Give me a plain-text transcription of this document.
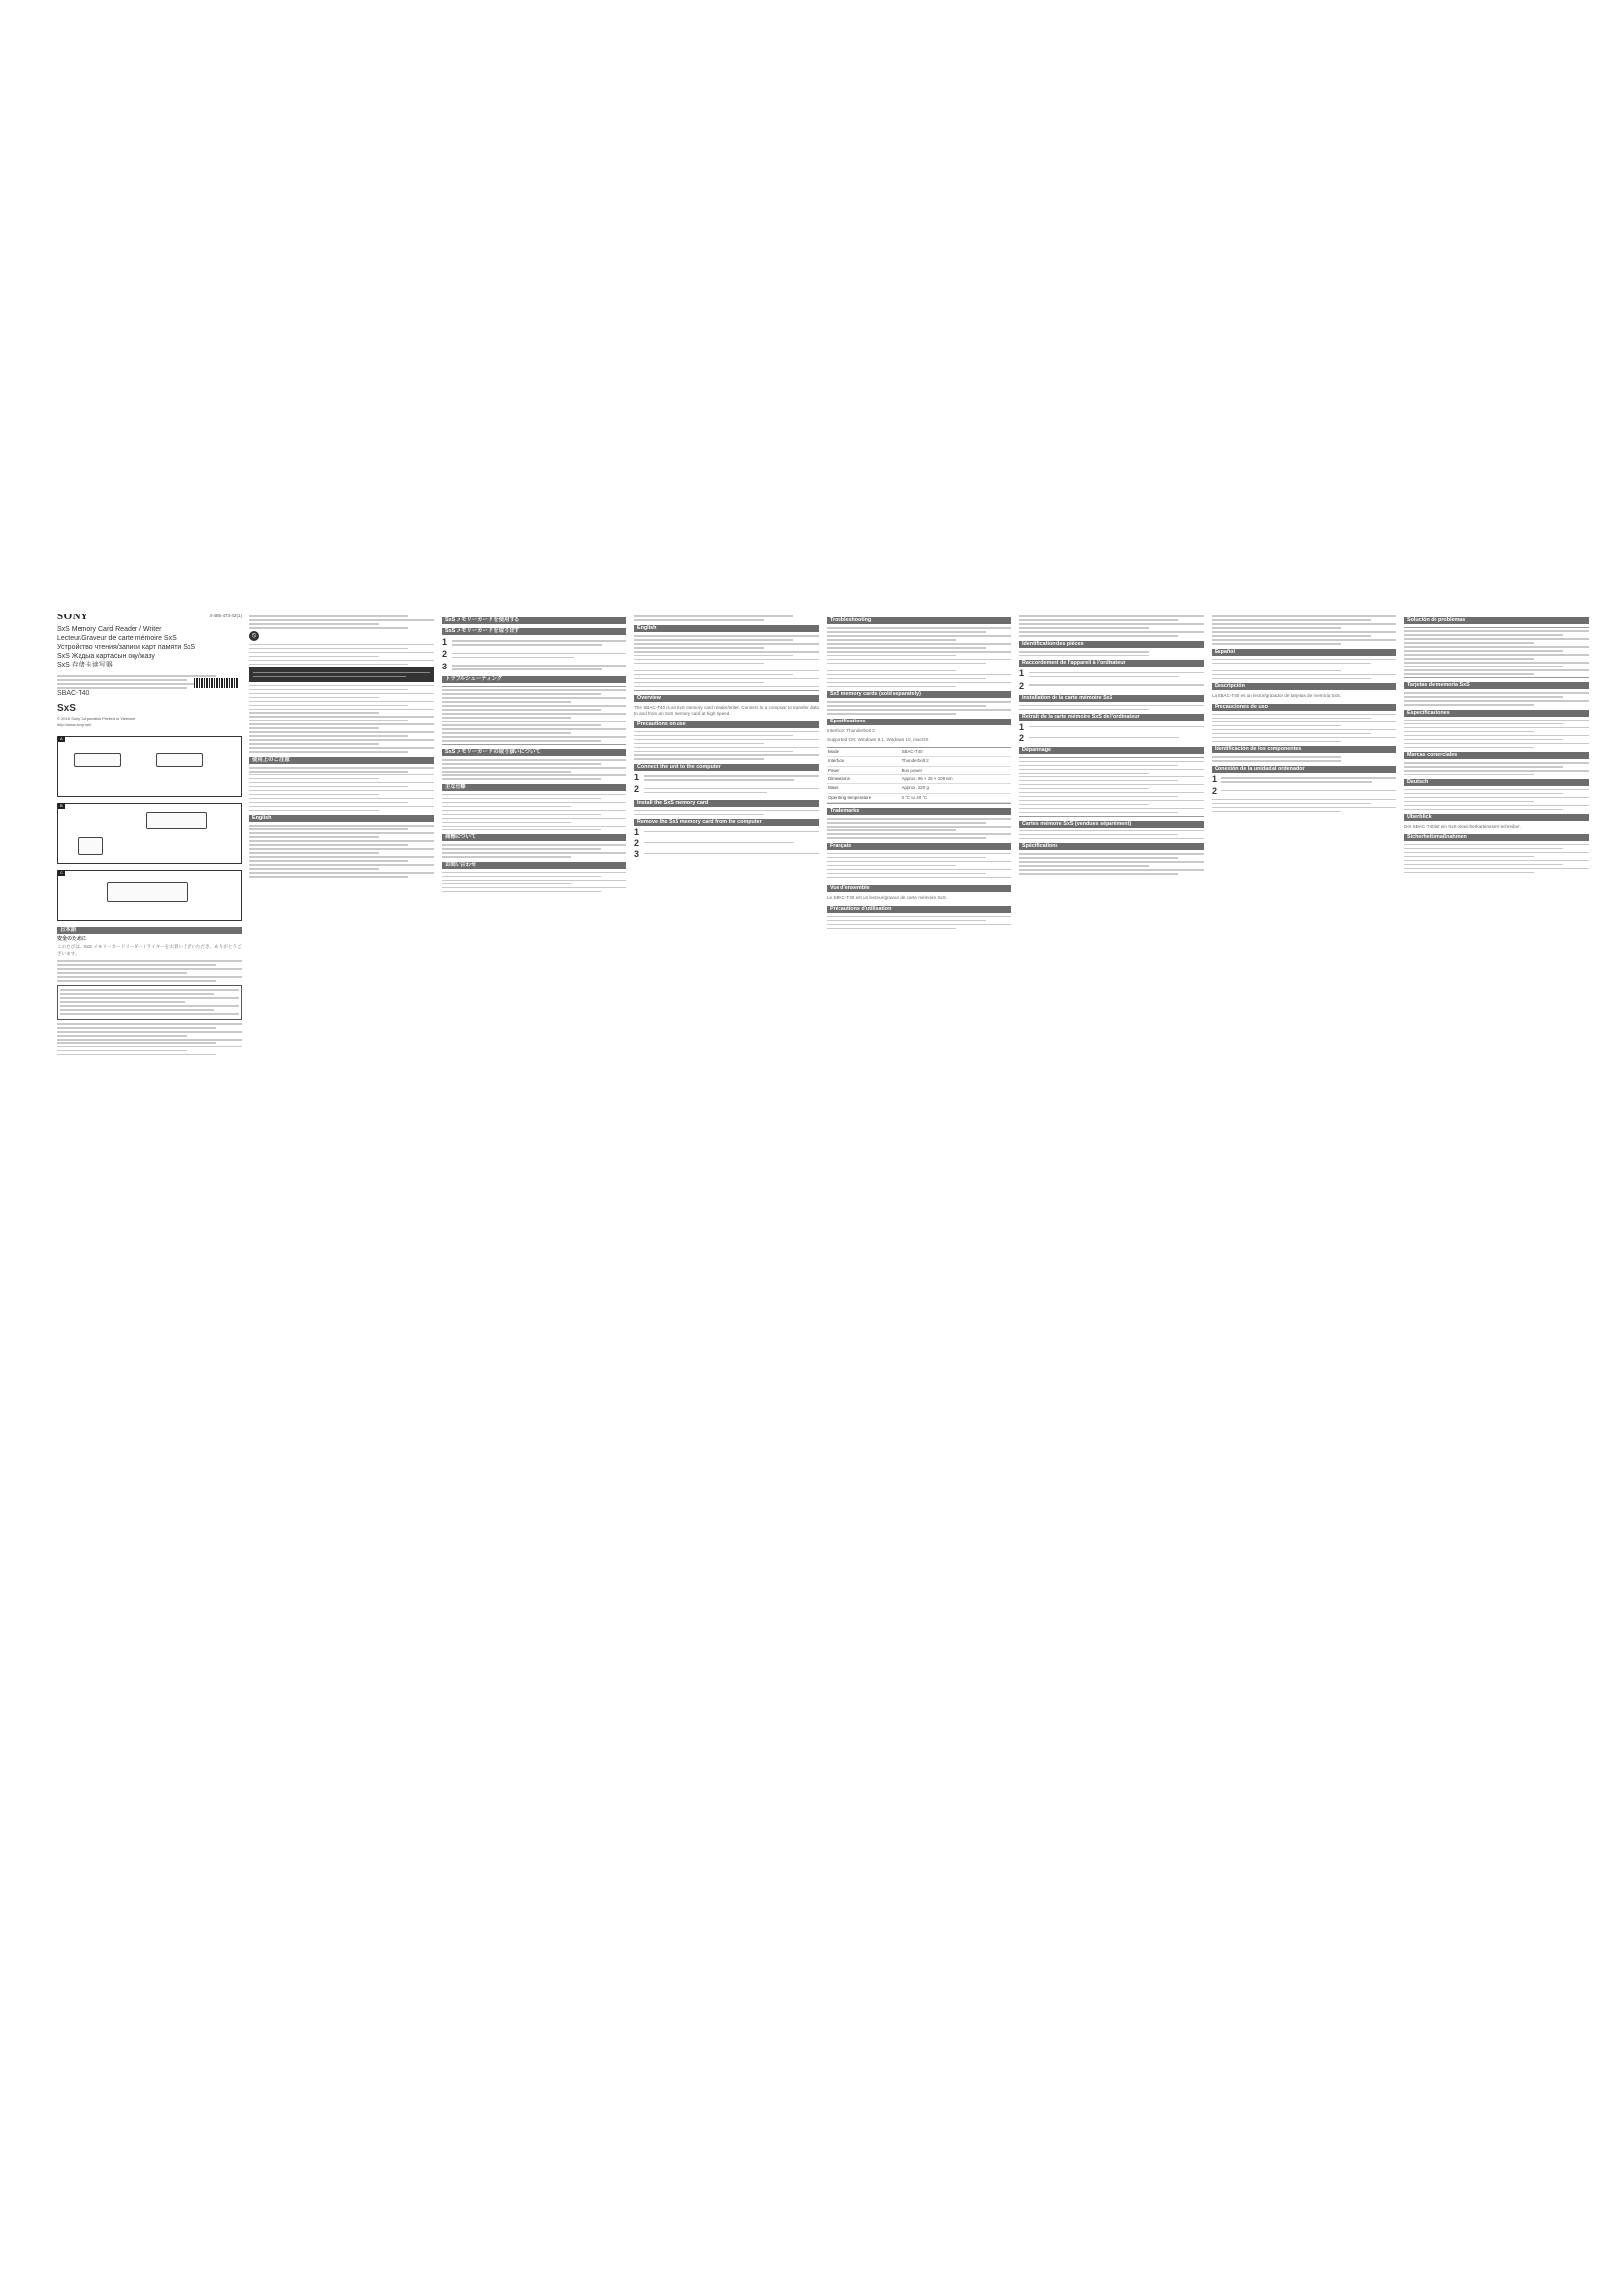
SONY	4-485-473-42(1)
SxS Memory Card Reader / Writer
Lecteur/Graveur de carte mémoire SxS
Устройство чтения/записи карт памяти SxS
SxS Жадыа картасын оқу/жазу
SxS 存储卡读写器
SBAC-T40
SxS
© 2016 Sony Corporation Printed in Vietnam
http://www.sony.net/
A
B
C
日本語
安全のために

このたびは、SxS メモリーカードリーダー / ライターをお買い上げいただき、ありがとうございます。

⦸
使用上のご注意
English
SxS メモリーカードを使用する
SxS メモリーカードを取り出す
1
2
3
トラブルシューティング
SxS メモリーカードの取り扱いについて
主な仕様
商標について
お問い合わせ
English
Overview

The SBAC-T40 is an SxS memory card reader/writer. Connect to a computer to transfer data to and from an SxS memory card at high speed.

Precautions on use
Connect the unit to the computer
1
2
Install the SxS memory card
Remove the SxS memory card from the computer
1
2
3
Troubleshooting
SxS memory cards (sold separately)
Specifications

Interface: Thunderbolt 2

Supported OS: Windows 8.1, Windows 10, macOS

Model	SBAC-T40
Interface	Thunderbolt 2
Power	Bus power
Dimensions	Approx. 86 × 26 × 109 mm
Mass	Approx. 220 g
Operating temperature	0 °C to 40 °C
Trademarks
Français
Vue d'ensemble

Le SBAC-T40 est un lecteur/graveur de carte mémoire SxS.

Précautions d'utilisation
Identification des pièces
Raccordement de l'appareil à l'ordinateur
1
2
Installation de la carte mémoire SxS
Retrait de la carte mémoire SxS de l'ordinateur
1
2
Dépannage
Cartes mémoire SxS (vendues séparément)
Spécifications
Español
Descripción

La SBAC-T40 es un lector/grabador de tarjetas de memoria SxS.

Precauciones de uso
Identificación de los componentes
Conexión de la unidad al ordenador
1
2
Solución de problemas
Tarjetas de memoria SxS
Especificaciones
Marcas comerciales
Deutsch
Überblick

Der SBAC-T40 ist ein SxS-Speicherkartenleser/-schreiber.

Sicherheitsmaßnahmen
